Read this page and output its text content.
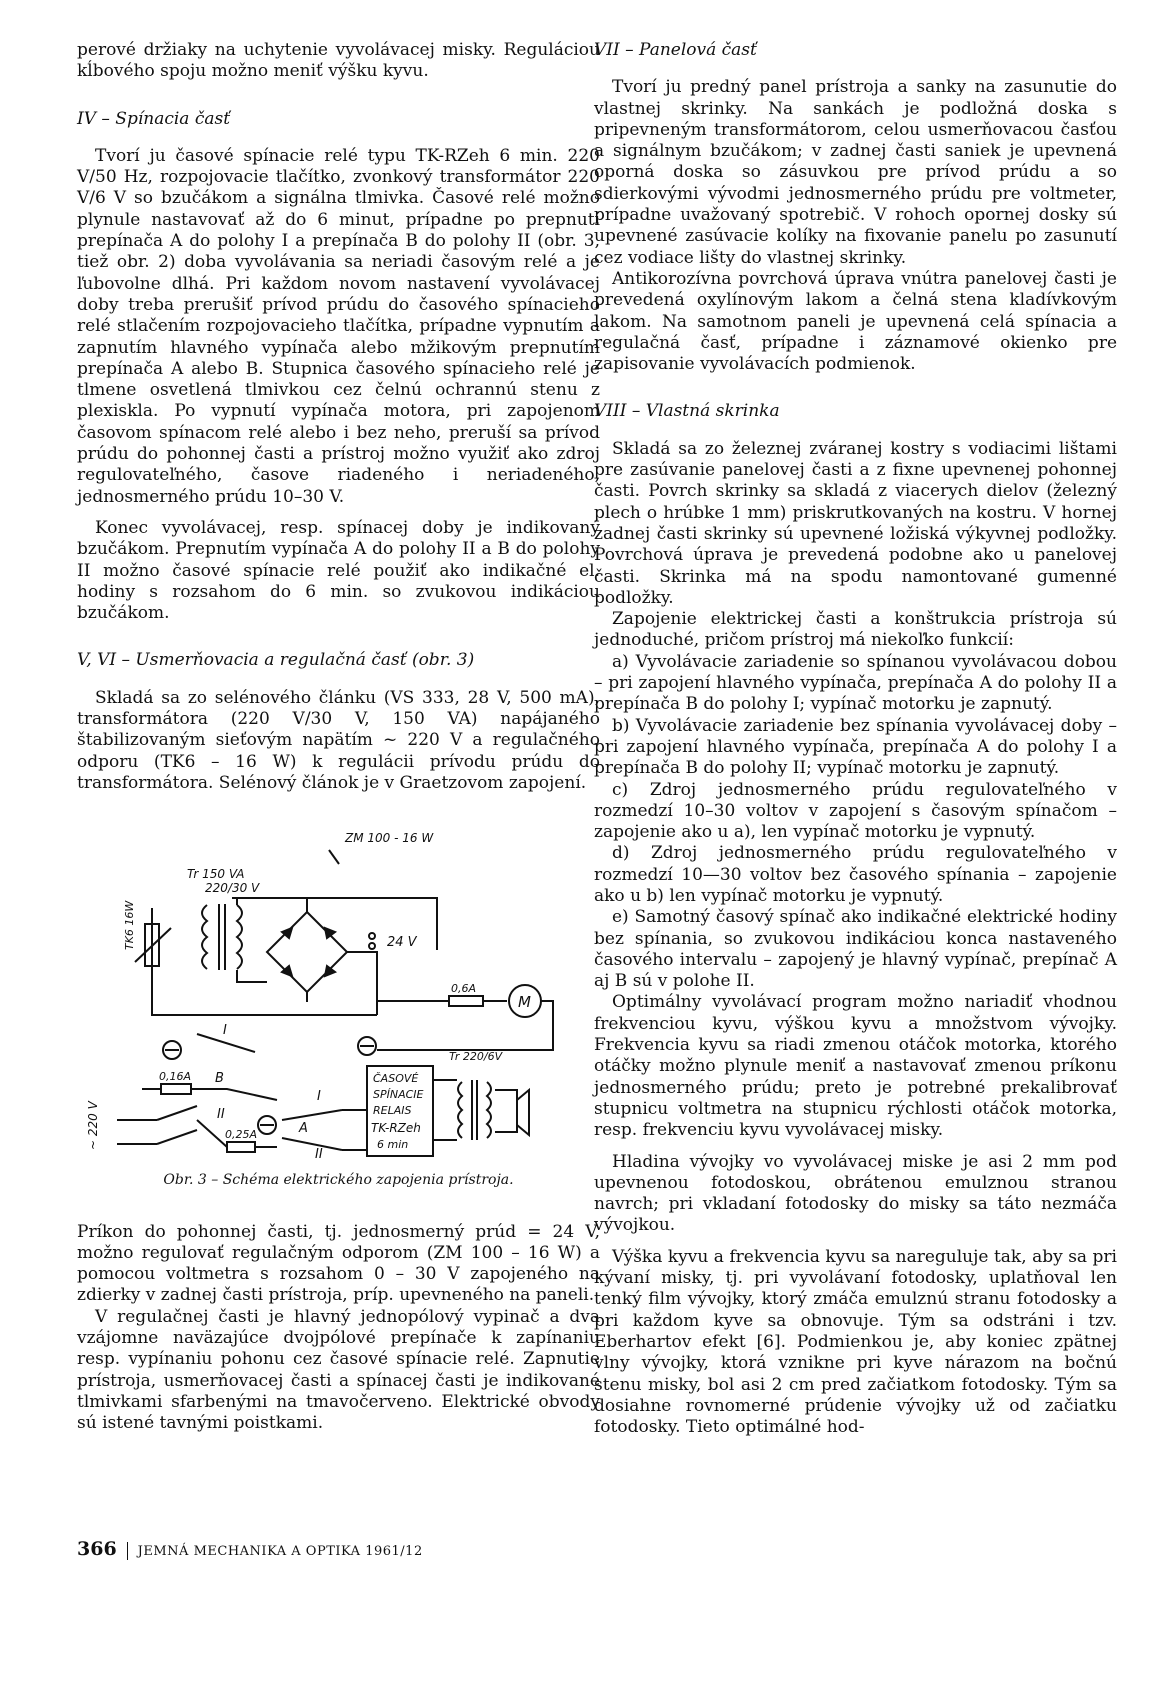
perové držiaky na uchytenie vyvolávacej misky. Reguláciou kĺbového spoju možno meniť výšku kyvu.

IV – Spínacia časť

Tvorí ju časové spínacie relé typu TK-RZeh 6 min. 220 V/50 Hz, rozpojovacie tlačítko, zvonkový transformátor 220 V/6 V so bzučákom a signálna tlmivka. Časové relé možno plynule nastavovať až do 6 minut, prípadne po prepnutí prepínača A do polohy I a prepínača B do polohy II (obr. 3, tiež obr. 2) doba vyvolávania sa neriadi časovým relé a je ľubovolne dlhá. Pri každom novom nastavení vyvolávacej doby treba prerušiť prívod prúdu do časového spínacieho relé stlačením rozpojovacieho tlačítka, prípadne vypnutím a zapnutím hlavného vypínača alebo mžikovým prepnutím prepínača A alebo B. Stupnica časového spínacieho relé je tlmene osvetlená tlmivkou cez čelnú ochrannú stenu z plexiskla. Po vypnutí vypínača motora, pri zapojenom časovom spínacom relé alebo i bez neho, preruší sa prívod prúdu do pohonnej časti a prístroj možno využiť ako zdroj regulovateľného, časove riadeného i neriadeného, jednosmerného prúdu 10–30 V.

Konec vyvolávacej, resp. spínacej doby je indikovaný bzučákom. Prepnutím vypínača A do polohy II a B do polohy II možno časové spínacie relé použiť ako indikačné el. hodiny s rozsahom do 6 min. so zvukovou indikáciou bzučákom.

V, VI – Usmerňovacia a regulačná časť (obr. 3)

Skladá sa zo selénového článku (VS 333, 28 V, 500 mA), transformátora (220 V/30 V, 150 VA) napájaného štabilizovaným sieťovým napätím ~ 220 V a regulačného odporu (TK6 – 16 W) k regulácii prívodu prúdu do transformátora. Selénový článok je v Graetzovom zapojení.

ZM 100 - 16 W
Tr 150 VA
220/30 V
TK6 16W	24 V
0,6A
M
I
0,16A B
II
0,25A
I
A
II
ČASOVÉ
SPÍNACIE
RELAIS
TK-RZeh
6 min
Tr 220/6V
~ 220 V
Obr. 3 – Schéma elektrického zapojenia prístroja.

Príkon do pohonnej časti, tj. jednosmerný prúd = 24 V, možno regulovať regulačným odporom (ZM 100 – 16 W) a pomocou voltmetra s rozsahom 0 – 30 V zapojeného na zdierky v zadnej časti prístroja, príp. upevneného na paneli.

V regulačnej časti je hlavný jednopólový vypinač a dva vzájomne naväzajúce dvojpólové prepínače k zapínaniu resp. vypínaniu pohonu cez časové spínacie relé. Zapnutie prístroja, usmerňovacej časti a spínacej časti je indikované tlmivkami sfarbenými na tmavočerveno. Elektrické obvody sú istené tavnými poistkami.

VII – Panelová časť

Tvorí ju predný panel prístroja a sanky na zasunutie do vlastnej skrinky. Na sankách je podložná doska s pripevneným transformátorom, celou usmerňovacou časťou a signálnym bzučákom; v zadnej časti saniek je upevnená oporná doska so zásuvkou pre prívod prúdu a so sdierkovými vývodmi jednosmerného prúdu pre voltmeter, prípadne uvažovaný spotrebič. V rohoch opornej dosky sú upevnené zasúvacie kolíky na fixovanie panelu po zasunutí cez vodiace lišty do vlastnej skrinky.

Antikorozívna povrchová úprava vnútra panelovej časti je prevedená oxylínovým lakom a čelná stena kladívkovým lakom. Na samotnom paneli je upevnená celá spínacia a regulačná časť, prípadne i záznamové okienko pre zapisovanie vyvolávacích podmienok.

VIII – Vlastná skrinka

Skladá sa zo železnej zváranej kostry s vodiacimi lištami pre zasúvanie panelovej časti a z fixne upevnenej pohonnej časti. Povrch skrinky sa skladá z viacerych dielov (železný plech o hrúbke 1 mm) priskrutkovaných na kostru. V hornej zadnej časti skrinky sú upevnené ložiská výkyvnej podložky. Povrchová úprava je prevedená podobne ako u panelovej časti. Skrinka má na spodu namontované gumenné podložky.

Zapojenie elektrickej časti a konštrukcia prístroja sú jednoduché, pričom prístroj má niekoľko funkcií:

a) Vyvolávacie zariadenie so spínanou vyvolávacou dobou – pri zapojení hlavného vypínača, prepínača A do polohy II a prepínača B do polohy I; vypínač motorku je zapnutý.

b) Vyvolávacie zariadenie bez spínania vyvolávacej doby – pri zapojení hlavného vypínača, prepínača A do polohy I a prepínača B do polohy II; vypínač motorku je zapnutý.

c) Zdroj jednosmerného prúdu regulovateľného v rozmedzí 10–30 voltov v zapojení s časovým spínačom – zapojenie ako u a), len vypínač motorku je vypnutý.

d) Zdroj jednosmerného prúdu regulovateľného v rozmedzí 10—30 voltov bez časového spínania – zapojenie ako u b) len vypínač motorku je vypnutý.

e) Samotný časový spínač ako indikačné elektrické hodiny bez spínania, so zvukovou indikáciou konca nastaveného časového intervalu – zapojený je hlavný vypínač, prepínač A aj B sú v polohe II.

Optimálny vyvolávací program možno nariadiť vhodnou frekvenciou kyvu, výškou kyvu a množstvom vývojky. Frekvencia kyvu sa riadi zmenou otáčok motorka, ktorého otáčky možno plynule meniť a nastavovať zmenou príkonu jednosmerného prúdu; preto je potrebné prekalibrovať stupnicu voltmetra na stupnicu rýchlosti otáčok motorka, resp. frekvenciu kyvu vyvolávacej misky.

Hladina vývojky vo vyvolávacej miske je asi 2 mm pod upevnenou fotodoskou, obrátenou emulznou stranou navrch; pri vkladaní fotodosky do misky sa táto nezmáča vývojkou.

Výška kyvu a frekvencia kyvu sa nareguluje tak, aby sa pri kývaní misky, tj. pri vyvolávaní fotodosky, uplatňoval len tenký film vývojky, ktorý zmáča emulznú stranu fotodosky a pri každom kyve sa obnovuje. Tým sa odstráni i tzv. Eberhartov efekt [6]. Podmienkou je, aby koniec zpätnej vlny vývojky, ktorá vznikne pri kyve nárazom na bočnú stenu misky, bol asi 2 cm pred začiatkom fotodosky. Tým sa dosiahne rovnomerné prúdenie vývojky už od začiatku fotodosky. Tieto optimálné hod-

366 JEMNÁ MECHANIKA A OPTIKA 1961/12
